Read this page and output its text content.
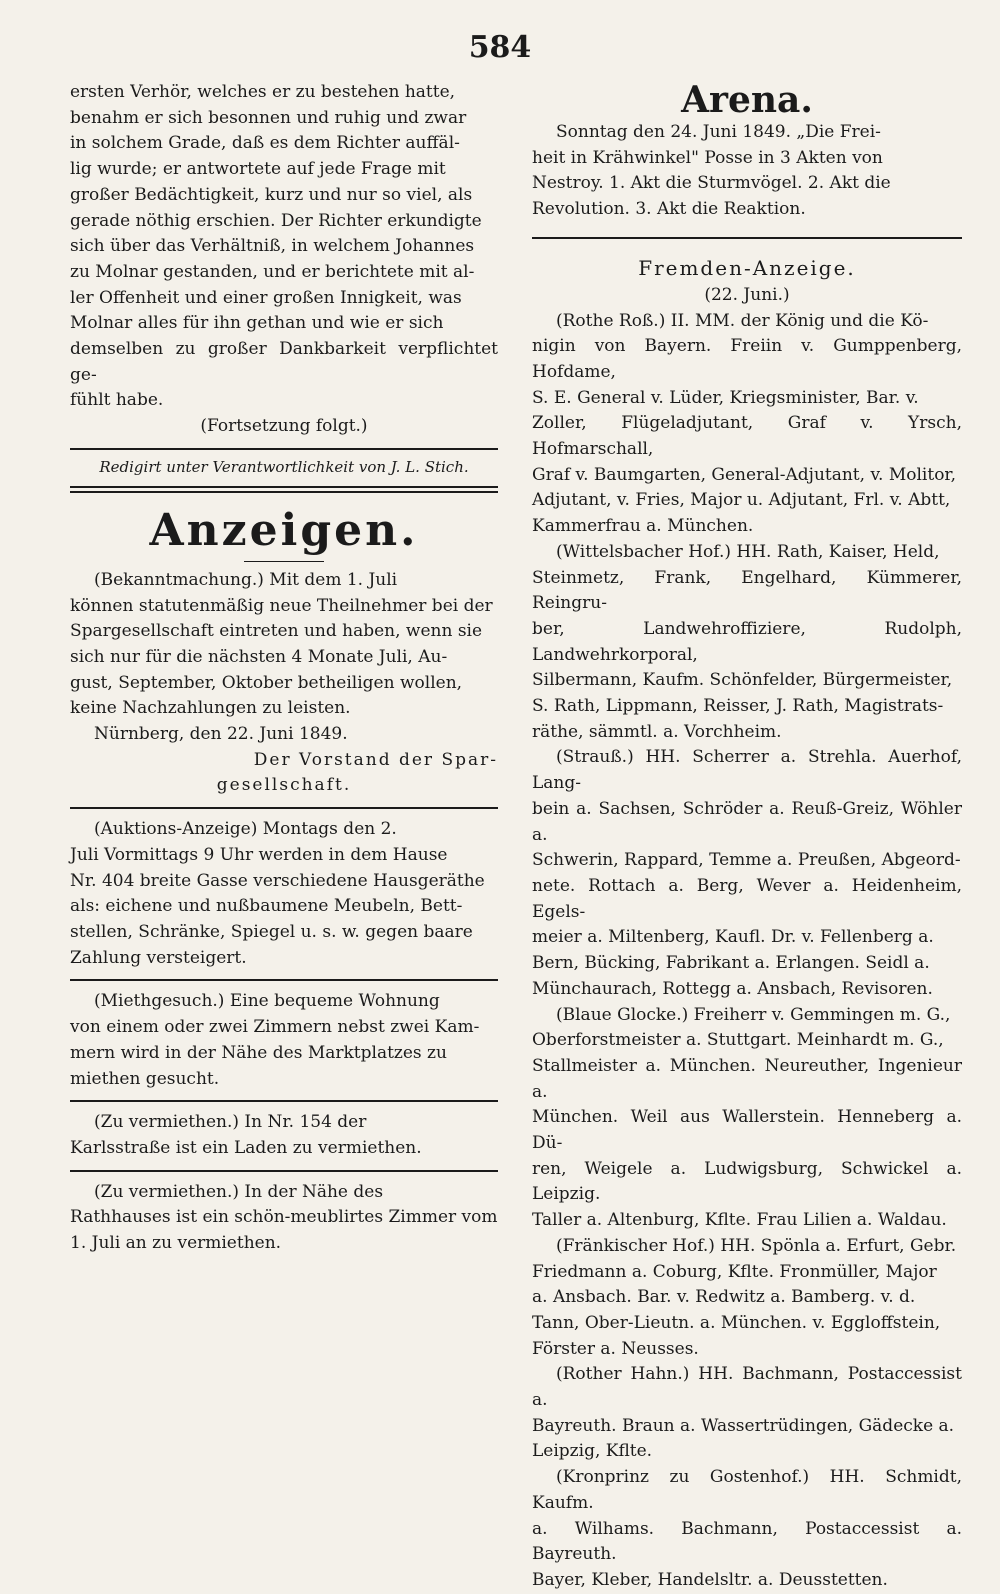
584

ersten Verhör, welches er zu bestehen hatte,

benahm er sich besonnen und ruhig und zwar

in solchem Grade, daß es dem Richter auffäl-

lig wurde; er antwortete auf jede Frage mit

großer Bedächtigkeit, kurz und nur so viel, als

gerade nöthig erschien. Der Richter erkundigte

sich über das Verhältniß, in welchem Johannes

zu Molnar gestanden, und er berichtete mit al-

ler Offenheit und einer großen Innigkeit, was

Molnar alles für ihn gethan und wie er sich

demselben zu großer Dankbarkeit verpflichtet ge-

fühlt habe.

(Fortsetzung folgt.)

Redigirt unter Verantwortlichkeit von J. L. Stich.

Anzeigen.

(Bekanntmachung.) Mit dem 1. Juli

können statutenmäßig neue Theilnehmer bei der

Spargesellschaft eintreten und haben, wenn sie

sich nur für die nächsten 4 Monate Juli, Au-

gust, September, Oktober betheiligen wollen,

keine Nachzahlungen zu leisten.

Nürnberg, den 22. Juni 1849.

Der Vorstand der Spar-

gesellschaft.

(Auktions-Anzeige) Montags den 2.

Juli Vormittags 9 Uhr werden in dem Hause

Nr. 404 breite Gasse verschiedene Hausgeräthe

als: eichene und nußbaumene Meubeln, Bett-

stellen, Schränke, Spiegel u. s. w. gegen baare

Zahlung versteigert.

(Miethgesuch.) Eine bequeme Wohnung

von einem oder zwei Zimmern nebst zwei Kam-

mern wird in der Nähe des Marktplatzes zu

miethen gesucht.

(Zu vermiethen.) In Nr. 154 der

Karlsstraße ist ein Laden zu vermiethen.

(Zu vermiethen.) In der Nähe des

Rathhauses ist ein schön-meublirtes Zimmer vom

1. Juli an zu vermiethen.

Arena.

Sonntag den 24. Juni 1849. „Die Frei-

heit in Krähwinkel" Posse in 3 Akten von

Nestroy. 1. Akt die Sturmvögel. 2. Akt die

Revolution. 3. Akt die Reaktion.

Fremden-Anzeige.

(22. Juni.)

(Rothe Roß.) II. MM. der König und die Kö-

nigin von Bayern. Freiin v. Gumppenberg, Hofdame,

S. E. General v. Lüder, Kriegsminister, Bar. v.

Zoller, Flügeladjutant, Graf v. Yrsch, Hofmarschall,

Graf v. Baumgarten, General-Adjutant, v. Molitor,

Adjutant, v. Fries, Major u. Adjutant, Frl. v. Abtt,

Kammerfrau a. München.

(Wittelsbacher Hof.) HH. Rath, Kaiser, Held,

Steinmetz, Frank, Engelhard, Kümmerer, Reingru-

ber, Landwehroffiziere, Rudolph, Landwehrkorporal,

Silbermann, Kaufm. Schönfelder, Bürgermeister,

S. Rath, Lippmann, Reisser, J. Rath, Magistrats-

räthe, sämmtl. a. Vorchheim.

(Strauß.) HH. Scherrer a. Strehla. Auerhof, Lang-

bein a. Sachsen, Schröder a. Reuß-Greiz, Wöhler a.

Schwerin, Rappard, Temme a. Preußen, Abgeord-

nete. Rottach a. Berg, Wever a. Heidenheim, Egels-

meier a. Miltenberg, Kaufl. Dr. v. Fellenberg a.

Bern, Bücking, Fabrikant a. Erlangen. Seidl a.

Münchaurach, Rottegg a. Ansbach, Revisoren.

(Blaue Glocke.) Freiherr v. Gemmingen m. G.,

Oberforstmeister a. Stuttgart. Meinhardt m. G.,

Stallmeister a. München. Neureuther, Ingenieur a.

München. Weil aus Wallerstein. Henneberg a. Dü-

ren, Weigele a. Ludwigsburg, Schwickel a. Leipzig.

Taller a. Altenburg, Kflte. Frau Lilien a. Waldau.

(Fränkischer Hof.) HH. Spönla a. Erfurt, Gebr.

Friedmann a. Coburg, Kflte. Fronmüller, Major

a. Ansbach. Bar. v. Redwitz a. Bamberg. v. d.

Tann, Ober-Lieutn. a. München. v. Eggloffstein,

Förster a. Neusses.

(Rother Hahn.) HH. Bachmann, Postaccessist a.

Bayreuth. Braun a. Wassertrüdingen, Gädecke a.

Leipzig, Kflte.

(Kronprinz zu Gostenhof.) HH. Schmidt, Kaufm.

a. Wilhams. Bachmann, Postaccessist a. Bayreuth.

Bayer, Kleber, Handelsltr. a. Deusstetten.
